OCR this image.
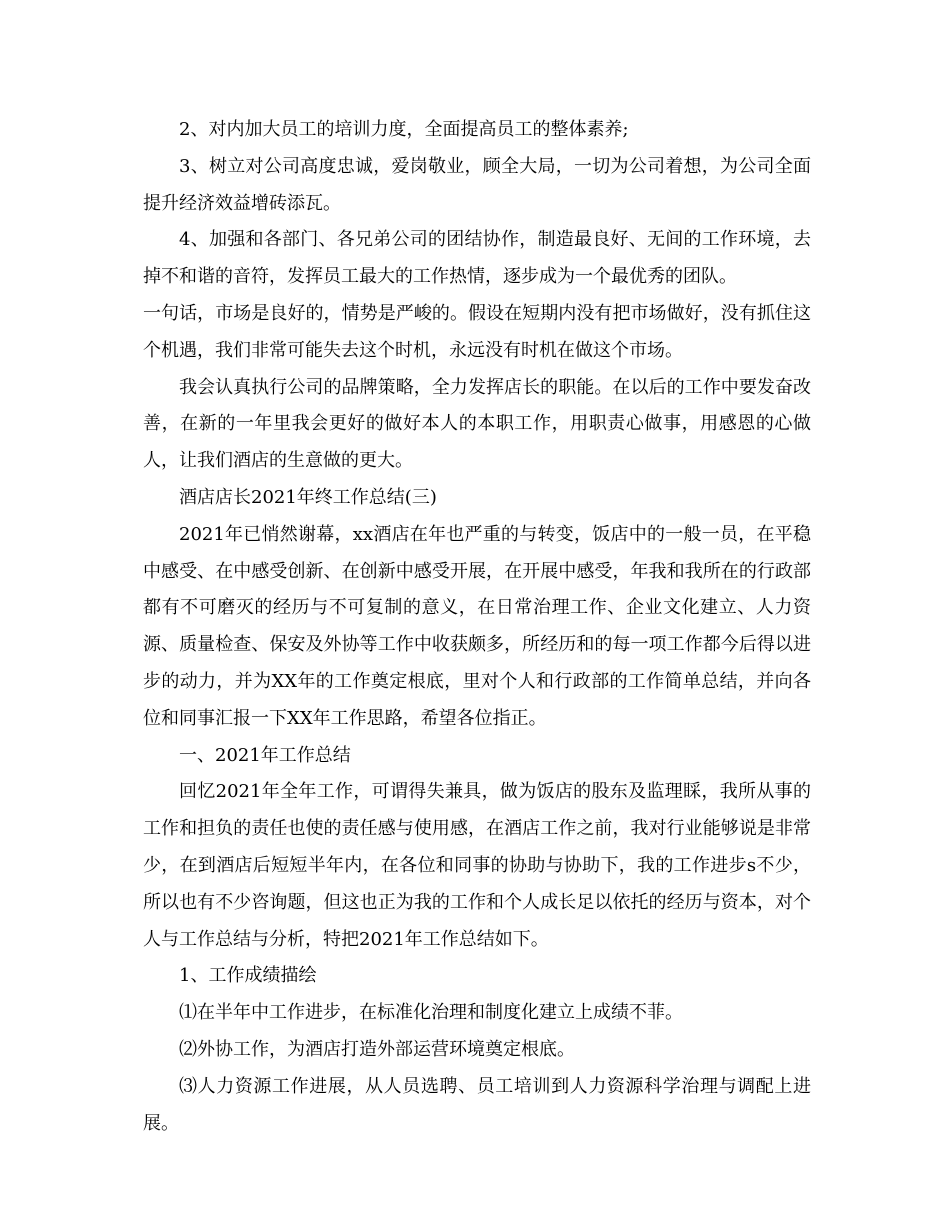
2、对内加大员工的培训力度，全面提高员工的整体素养;

3、树立对公司高度忠诚，爱岗敬业，顾全大局，一切为公司着想，为公司全面提升经济效益增砖添瓦。

4、加强和各部门、各兄弟公司的团结协作，制造最良好、无间的工作环境，去掉不和谐的音符，发挥员工最大的工作热情，逐步成为一个最优秀的团队。

一句话，市场是良好的，情势是严峻的。假设在短期内没有把市场做好，没有抓住这个机遇，我们非常可能失去这个时机，永远没有时机在做这个市场。

我会认真执行公司的品牌策略，全力发挥店长的职能。在以后的工作中要发奋改善，在新的一年里我会更好的做好本人的本职工作，用职责心做事，用感恩的心做人，让我们酒店的生意做的更大。

酒店店长2021年终工作总结(三)

2021年已悄然谢幕，xx酒店在年也严重的与转变，饭店中的一般一员，在平稳中感受、在中感受创新、在创新中感受开展，在开展中感受，年我和我所在的行政部都有不可磨灭的经历与不可复制的意义，在日常治理工作、企业文化建立、人力资源、质量检查、保安及外协等工作中收获颇多，所经历和的每一项工作都今后得以进步的动力，并为XX年的工作奠定根底，里对个人和行政部的工作简单总结，并向各位和同事汇报一下XX年工作思路，希望各位指正。

一、2021年工作总结

回忆2021年全年工作，可谓得失兼具，做为饭店的股东及监理睬，我所从事的工作和担负的责任也使的责任感与使用感，在酒店工作之前，我对行业能够说是非常少，在到酒店后短短半年内，在各位和同事的协助与协助下，我的工作进步s不少，所以也有不少咨询题，但这也正为我的工作和个人成长足以依托的经历与资本，对个人与工作总结与分析，特把2021年工作总结如下。

1、工作成绩描绘

⑴在半年中工作进步，在标准化治理和制度化建立上成绩不菲。

⑵外协工作，为酒店打造外部运营环境奠定根底。

⑶人力资源工作进展，从人员选聘、员工培训到人力资源科学治理与调配上进展。
